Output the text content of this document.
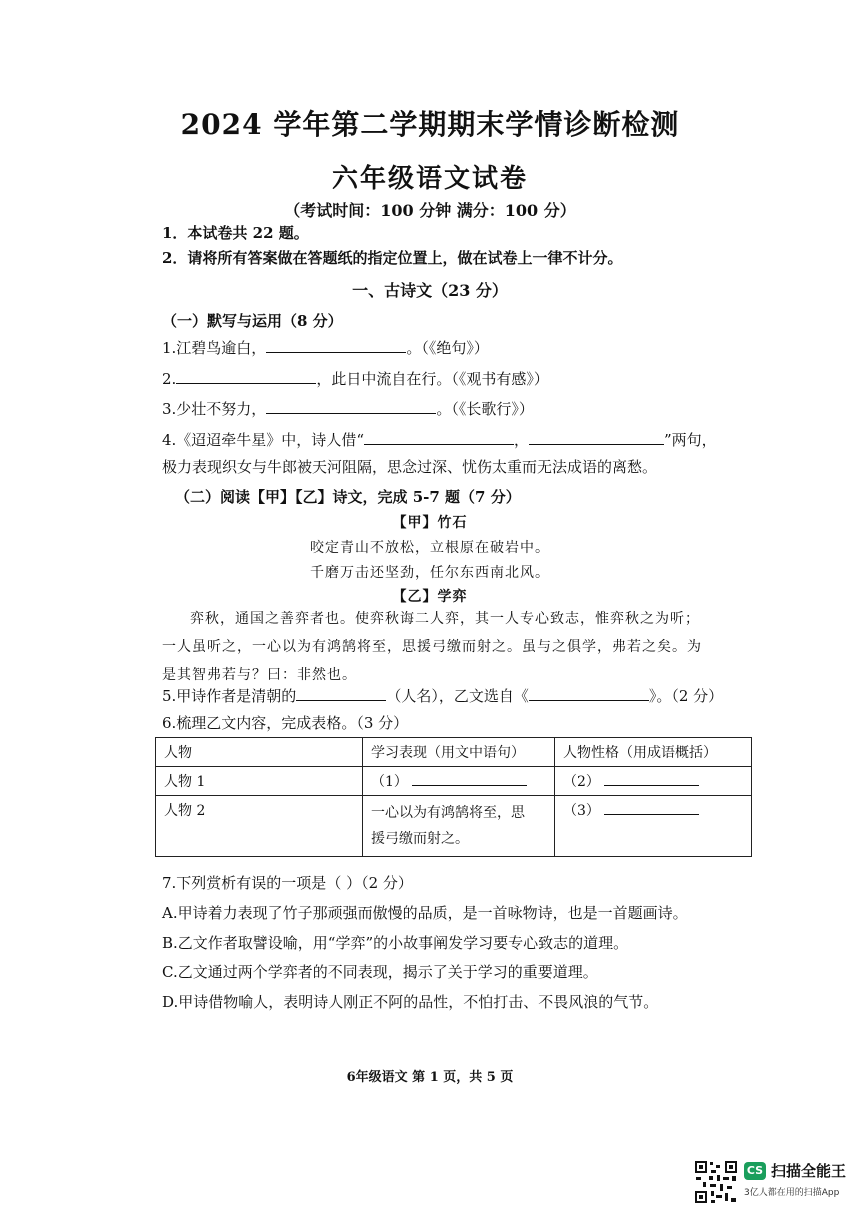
2024 学年第二学期期末学情诊断检测
六年级语文试卷
（考试时间：100 分钟 满分：100 分）
1．本试卷共 22 题。
2．请将所有答案做在答题纸的指定位置上，做在试卷上一律不计分。
一、古诗文（23 分）
（一）默写与运用（8 分）
1.江碧鸟逾白，	。（《绝句》）
2.	，此日中流自在行。（《观书有感》）
3.少壮不努力，	。（《长歌行》）
4.《迢迢牵牛星》中，诗人借“	，	”两句，
极力表现织女与牛郎被天河阻隔，思念过深、忧伤太重而无法成语的离愁。
（二）阅读【甲】【乙】诗文，完成 5-7 题（7 分）
【甲】竹石
咬定青山不放松，立根原在破岩中。
千磨万击还坚劲，任尔东西南北风。
【乙】学弈
弈秋，通国之善弈者也。使弈秋诲二人弈，其一人专心致志，惟弈秋之为听；
一人虽听之，一心以为有鸿鹄将至，思援弓缴而射之。虽与之俱学，弗若之矣。为
是其智弗若与？曰：非然也。
5.甲诗作者是清朝的	（人名），乙文选自《	》。（2 分）
6.梳理乙文内容，完成表格。（3 分）
人物	学习表现（用文中语句）	人物性格（用成语概括）
人物 1	（1）	（2）
人物 2	一心以为有鸿鹄将至，思
援弓缴而射之。	（3）
7.下列赏析有误的一项是（ ）（2 分）
A.甲诗着力表现了竹子那顽强而傲慢的品质，是一首咏物诗，也是一首题画诗。
B.乙文作者取譬设喻，用“学弈”的小故事阐发学习要专心致志的道理。
C.乙文通过两个学弈者的不同表现，揭示了关于学习的重要道理。
D.甲诗借物喻人，表明诗人刚正不阿的品性，不怕打击、不畏风浪的气节。
6年级语文 第 1 页，共 5 页
CS 扫描全能王
3亿人都在用的扫描App
